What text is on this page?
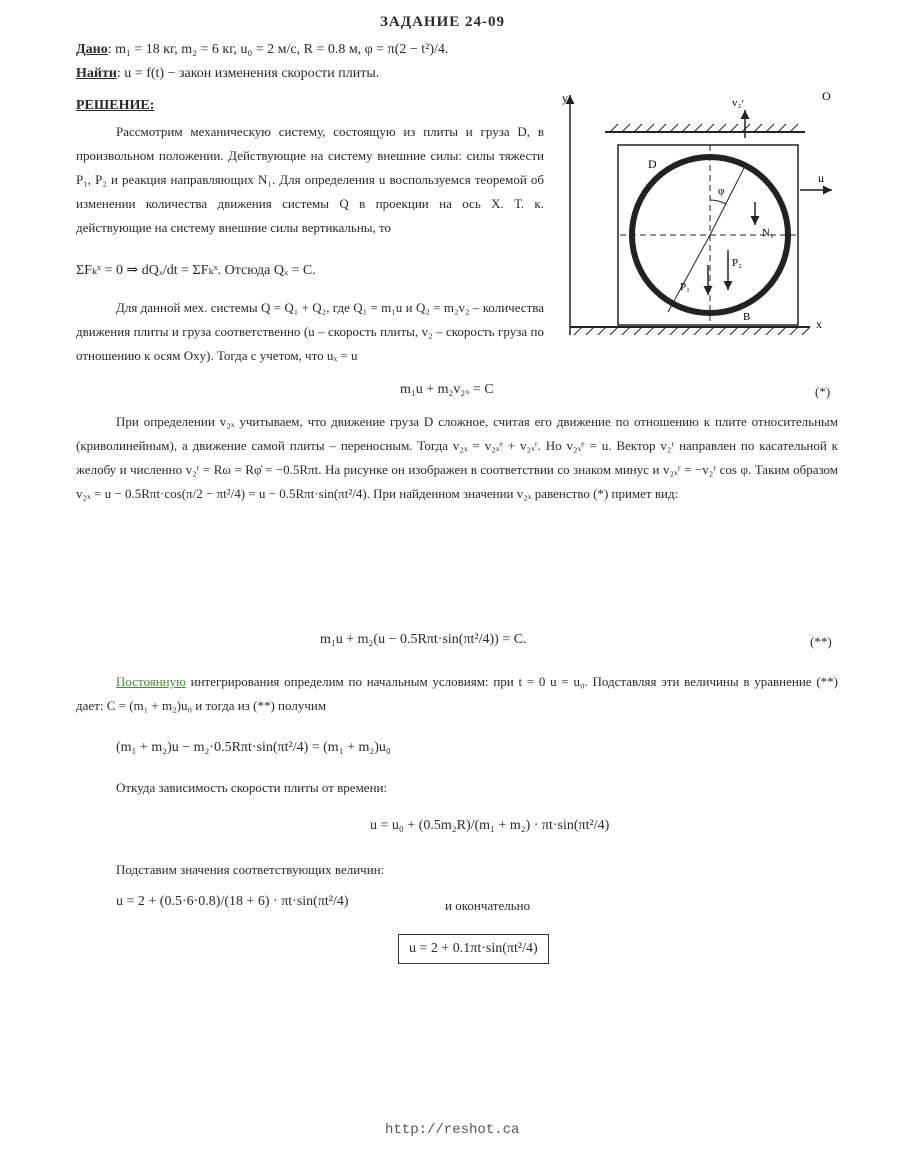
ЗАДАНИЕ 24-09
Дано: m₁ = 18 кг, m₂ = 6 кг, u₀ = 2 м/с, R = 0.8 м, φ = π(2 − t²)/4.
Найти: u = f(t) − закон изменения скорости плиты.
РЕШЕНИЕ:
Рассмотрим механическую систему, состоящую из плиты и груза D, в произвольном положении. Действующие на систему внешние силы: силы тяжести P₁, P₂ и реакция направляющих N₁. Для определения u воспользуемся теоремой об изменении количества движения системы Q в проекции на ось X. Т. к. действующие на систему внешние силы вертикальны, то
ΣFₖˣ = 0 ⇒ dQₓ/dt = ΣFₖˣ. Отсюда Qₓ = C.
Для данной мех. системы Q = Q₁ + Q₂, где Q₁ = m₁u и Q₂ = m₂v₂ – количества движения плиты и груза соответственно (u – скорость плиты, v₂ – скорость груза по отношению к осям Oxy). Тогда с учетом, что uₓ = u
y
x
D
v₂ʳ
φ
u
N₁
P₂
P₁
B
O
m₁u + m₂v₂ₓ = C	(*)
При определении v₂ₓ учитываем, что движение груза D сложное, считая его движение по отношению к плите относительным (криволинейным), а движение самой плиты – переносным. Тогда v₂ₓ = v₂ₓᵉ + v₂ₓʳ. Но v₂ₓᵉ = u. Вектор v₂ʳ направлен по касательной к желобу и численно v₂ʳ = Rω = Rφ̇ = −0.5Rπt. На рисунке он изображен в соответствии со знаком минус и v₂ₓʳ = −v₂ʳ cos φ. Таким образом v₂ₓ = u − 0.5Rπt·cos(π/2 − πt²/4) = u − 0.5Rπt·sin(πt²/4). При найденном значении v₂ₓ равенство (*) примет вид:
m₁u + m₂(u − 0.5Rπt·sin(πt²/4)) = C.	(**)
Постоянную интегрирования определим по начальным условиям: при t = 0 u = u₀. Подставляя эти величины в уравнение (**) дает: C = (m₁ + m₂)u₀ и тогда из (**) получим
(m₁ + m₂)u − m₂·0.5Rπt·sin(πt²/4) = (m₁ + m₂)u₀
Откуда зависимость скорости плиты от времени:
u = u₀ + (0.5m₂R)/(m₁ + m₂) · πt·sin(πt²/4)
Подставим значения соответствующих величин:
u = 2 + (0.5·6·0.8)/(18 + 6) · πt·sin(πt²/4)	и окончательно
u = 2 + 0.1πt·sin(πt²/4)
http://reshot.ca
